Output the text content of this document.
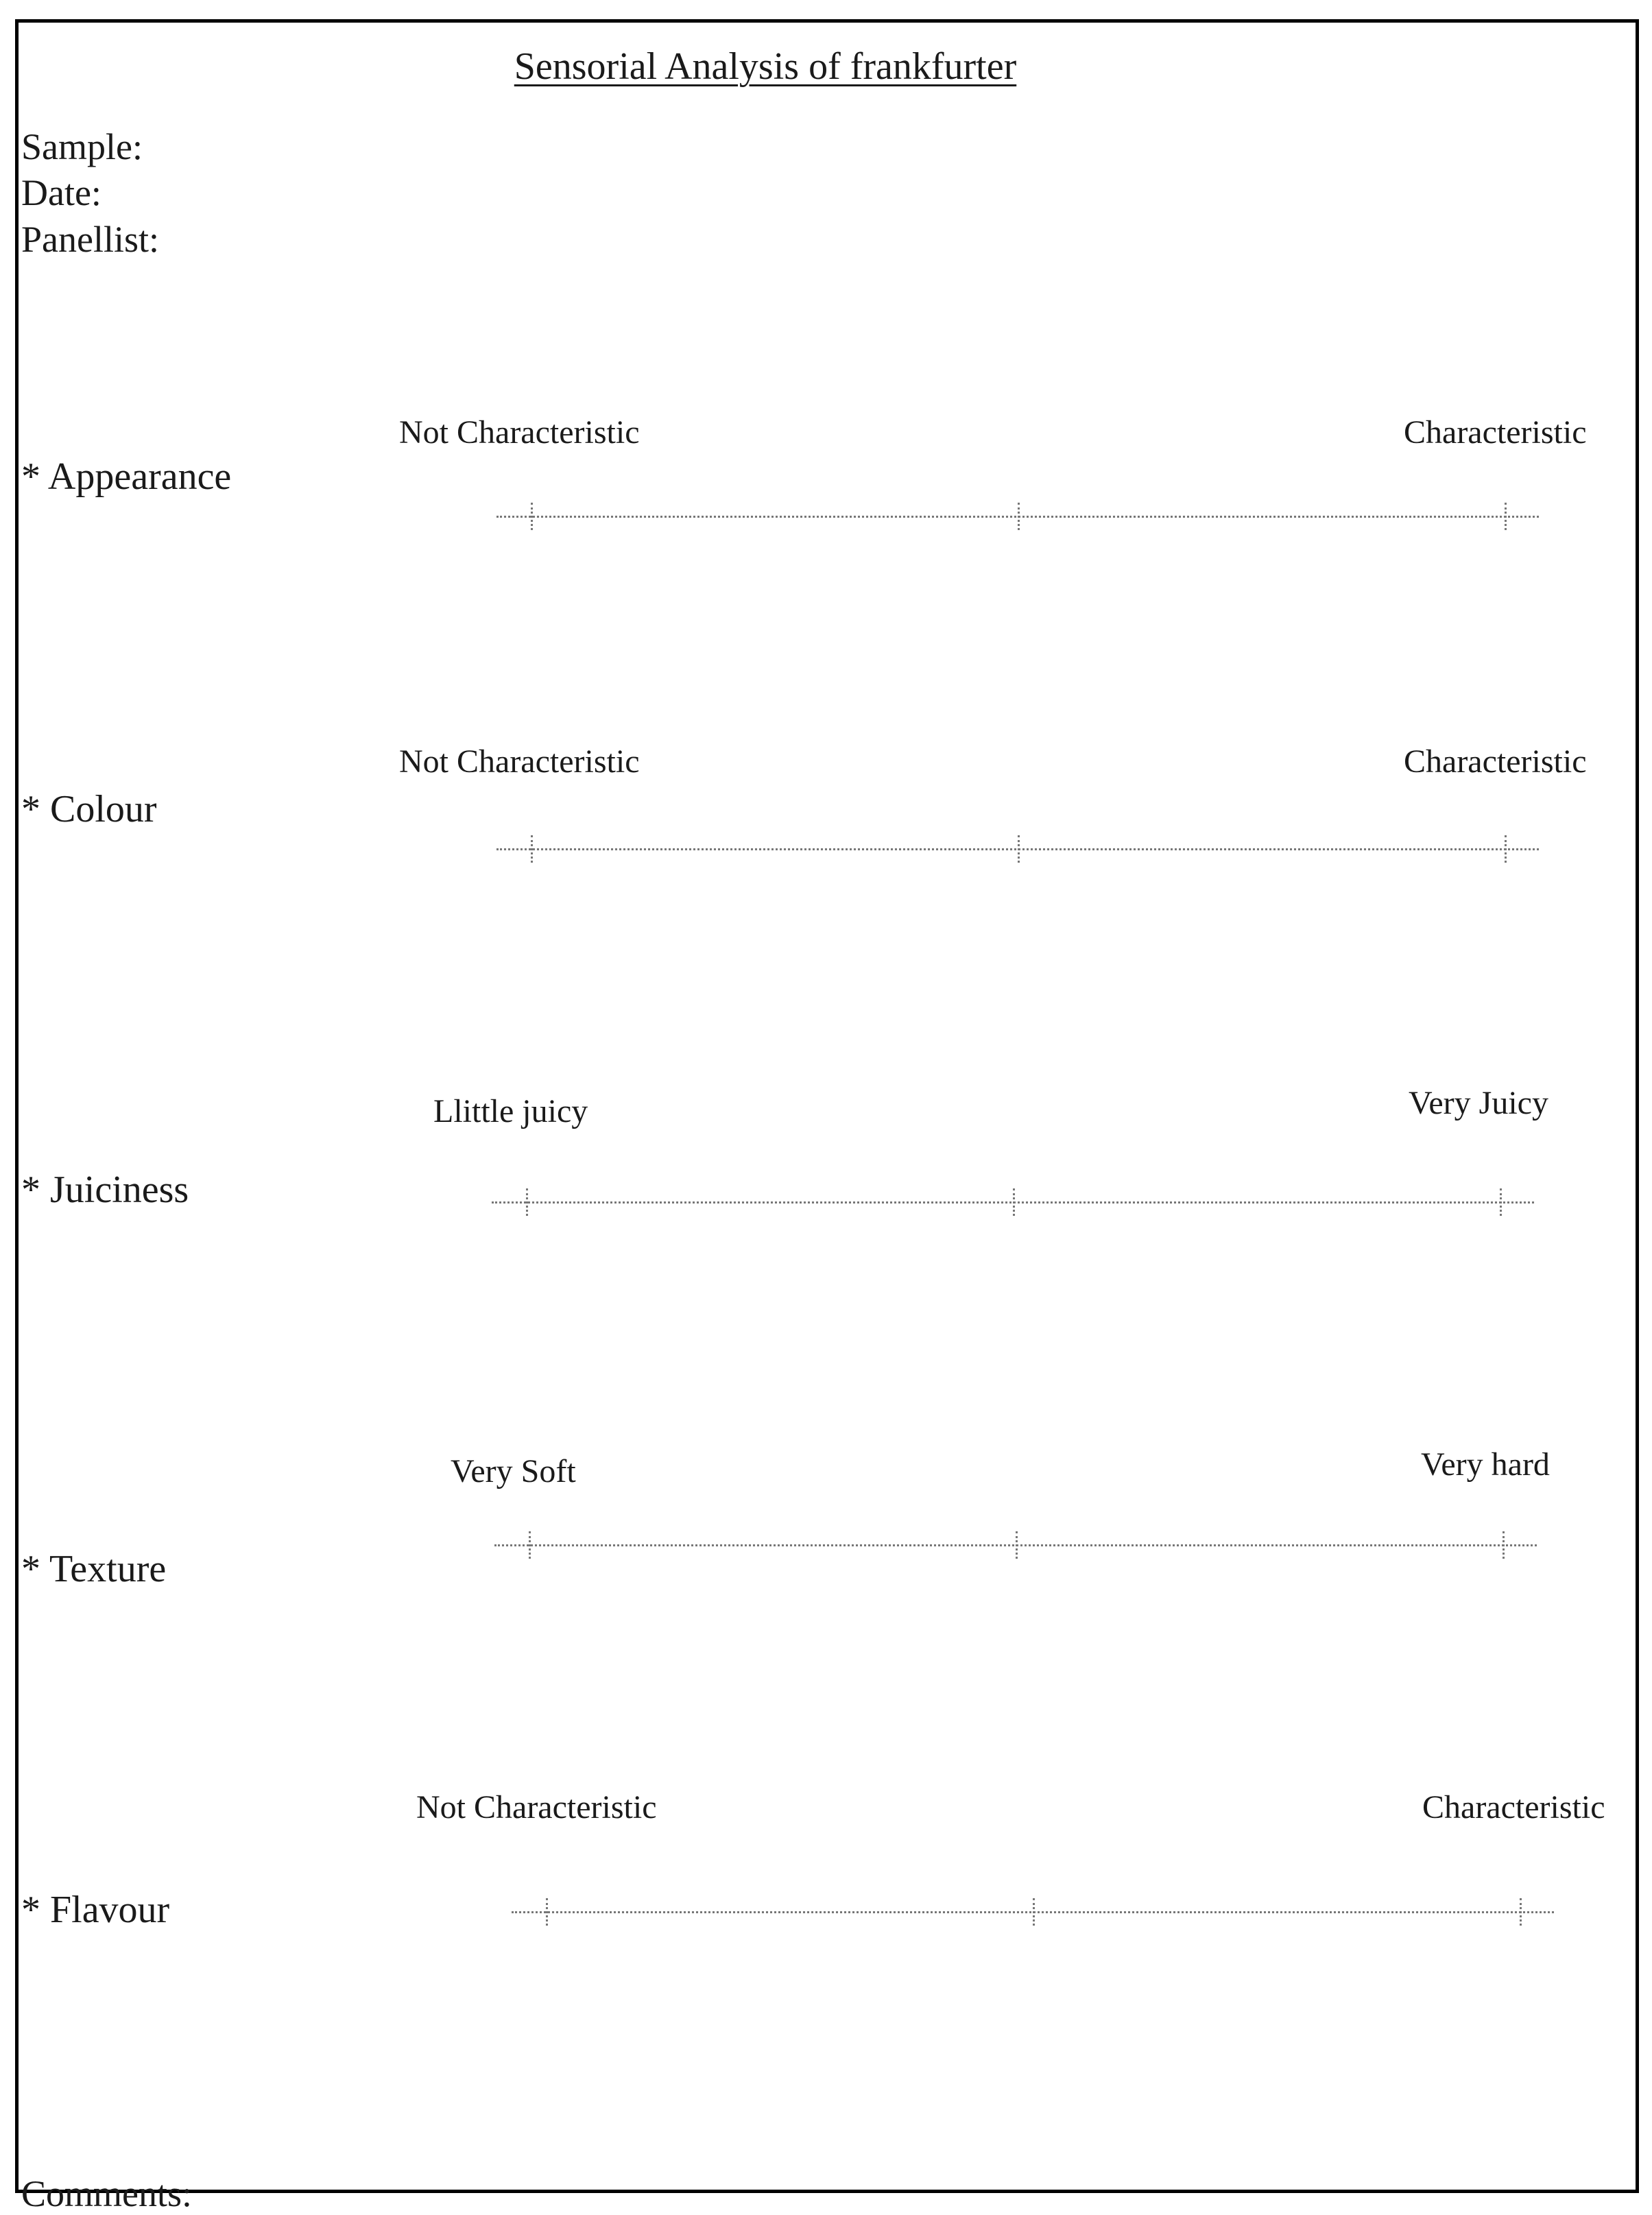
Sensorial Analysis of frankfurter
Sample:
Date:
Panellist:
Not Characteristic	Characteristic
* Appearance
Not Characteristic	Characteristic
* Colour
Llittle juicy	Very Juicy
* Juiciness
Very Soft	Very hard
* Texture
Not Characteristic	Characteristic
* Flavour
Comments:
